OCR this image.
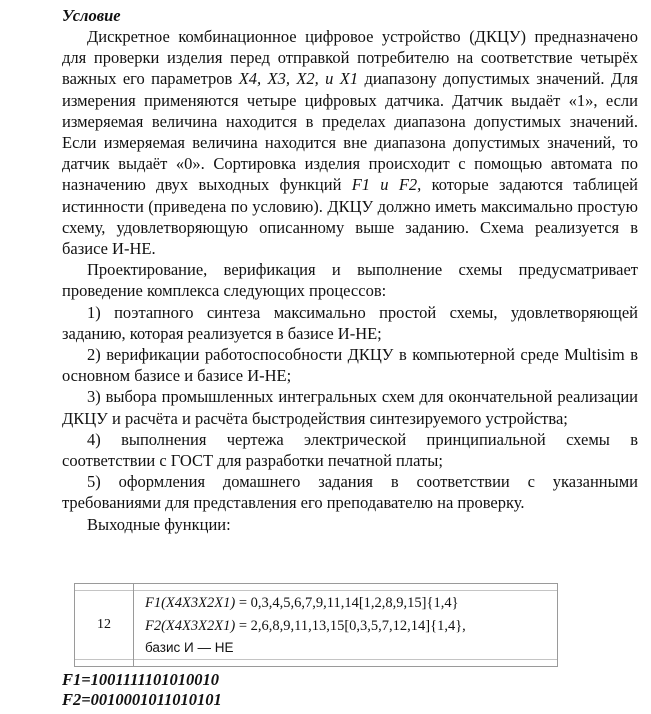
Условие

Дискретное комбинационное цифровое устройство (ДКЦУ) предназначено для проверки изделия перед отправкой потребителю на соответствие четырёх важных его параметров X4, X3, X2, и X1 диапазону допустимых значений. Для измерения применяются четыре цифровых датчика. Датчик выдаёт «1», если измеряемая величина находится в пределах диапазона допустимых значений. Если измеряемая величина находится вне диапазона допустимых значений, то датчик выдаёт «0». Сортировка изделия происходит с помощью автомата по назначению двух выходных функций F1 и F2, которые задаются таблицей истинности (приведена по условию). ДКЦУ должно иметь максимально простую схему, удовлетворяющую описанному выше заданию. Схема реализуется в базисе И-НЕ.

Проектирование, верификация и выполнение схемы предусматривает проведение комплекса следующих процессов:

1) поэтапного синтеза максимально простой схемы, удовлетворяющей заданию, которая реализуется в базисе И-НЕ;

2) верификации работоспособности ДКЦУ в компьютерной среде Multisim в основном базисе и базисе И-НЕ;

3) выбора промышленных интегральных схем для окончательной реализации ДКЦУ и расчёта и расчёта быстродействия синтезируемого устройства;

4) выполнения чертежа электрической принципиальной схемы в соответствии с ГОСТ для разработки печатной платы;

5) оформления домашнего задания в соответствии с указанными требованиями для представления его преподавателю на проверку.

Выходные функции:

12
F1(X4X3X2X1) = 0,3,4,5,6,7,9,11,14[1,2,8,9,15]{1,4}
F2(X4X3X2X1) = 2,6,8,9,11,13,15[0,3,5,7,12,14]{1,4},
базис И — НЕ
F1=1001111101010010
F2=0010001011010101
